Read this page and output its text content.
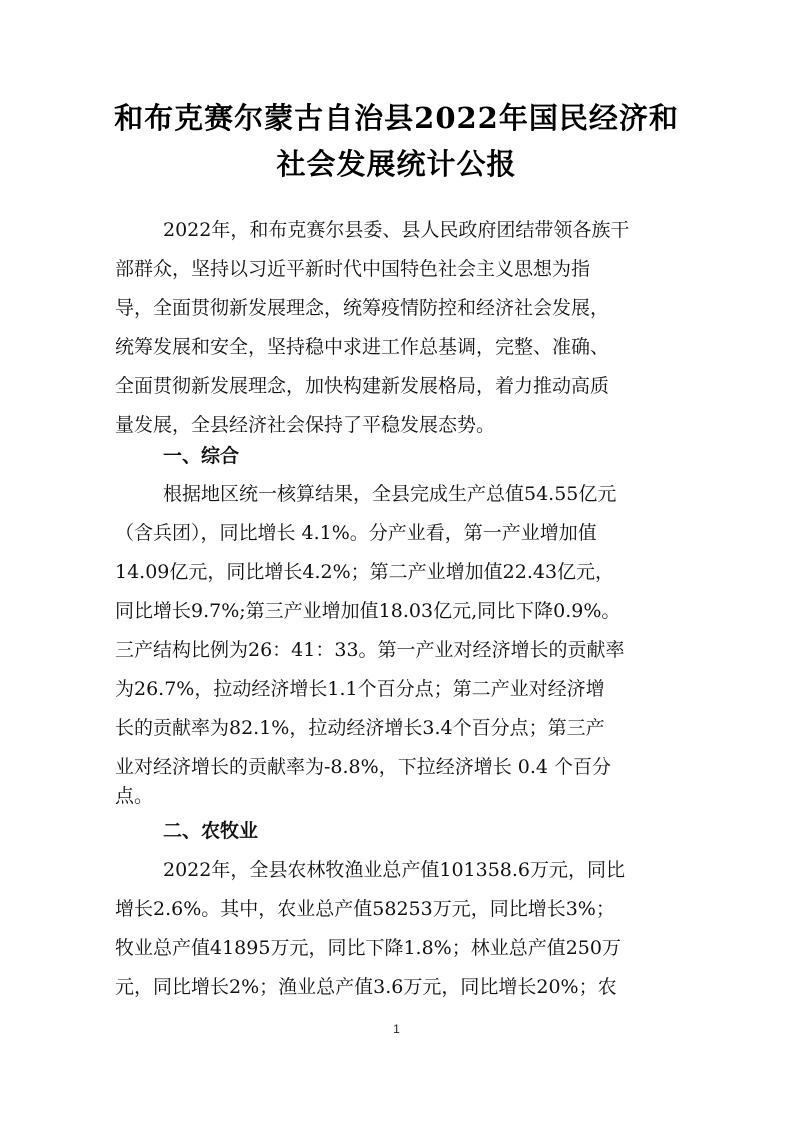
和布克赛尔蒙古自治县2022年国民经济和
社会发展统计公报
2022年，和布克赛尔县委、县人民政府团结带领各族干
部群众，坚持以习近平新时代中国特色社会主义思想为指
导，全面贯彻新发展理念，统筹疫情防控和经济社会发展，
统筹发展和安全，坚持稳中求进工作总基调，完整、准确、
全面贯彻新发展理念，加快构建新发展格局，着力推动高质
量发展，全县经济社会保持了平稳发展态势。
一、综合
根据地区统一核算结果，全县完成生产总值54.55亿元
（含兵团），同比增长 4.1%。分产业看，第一产业增加值
14.09亿元，同比增长4.2%；第二产业增加值22.43亿元，
同比增长9.7%;第三产业增加值18.03亿元,同比下降0.9%。
三产结构比例为26：41：33。第一产业对经济增长的贡献率
为26.7%，拉动经济增长1.1个百分点；第二产业对经济增
长的贡献率为82.1%，拉动经济增长3.4个百分点；第三产
业对经济增长的贡献率为-8.8%，下拉经济增长 0.4 个百分
点。
二、农牧业
2022年，全县农林牧渔业总产值101358.6万元，同比
增长2.6%。其中，农业总产值58253万元，同比增长3%；
牧业总产值41895万元，同比下降1.8%；林业总产值250万
元，同比增长2%；渔业总产值3.6万元，同比增长20%；农
1
